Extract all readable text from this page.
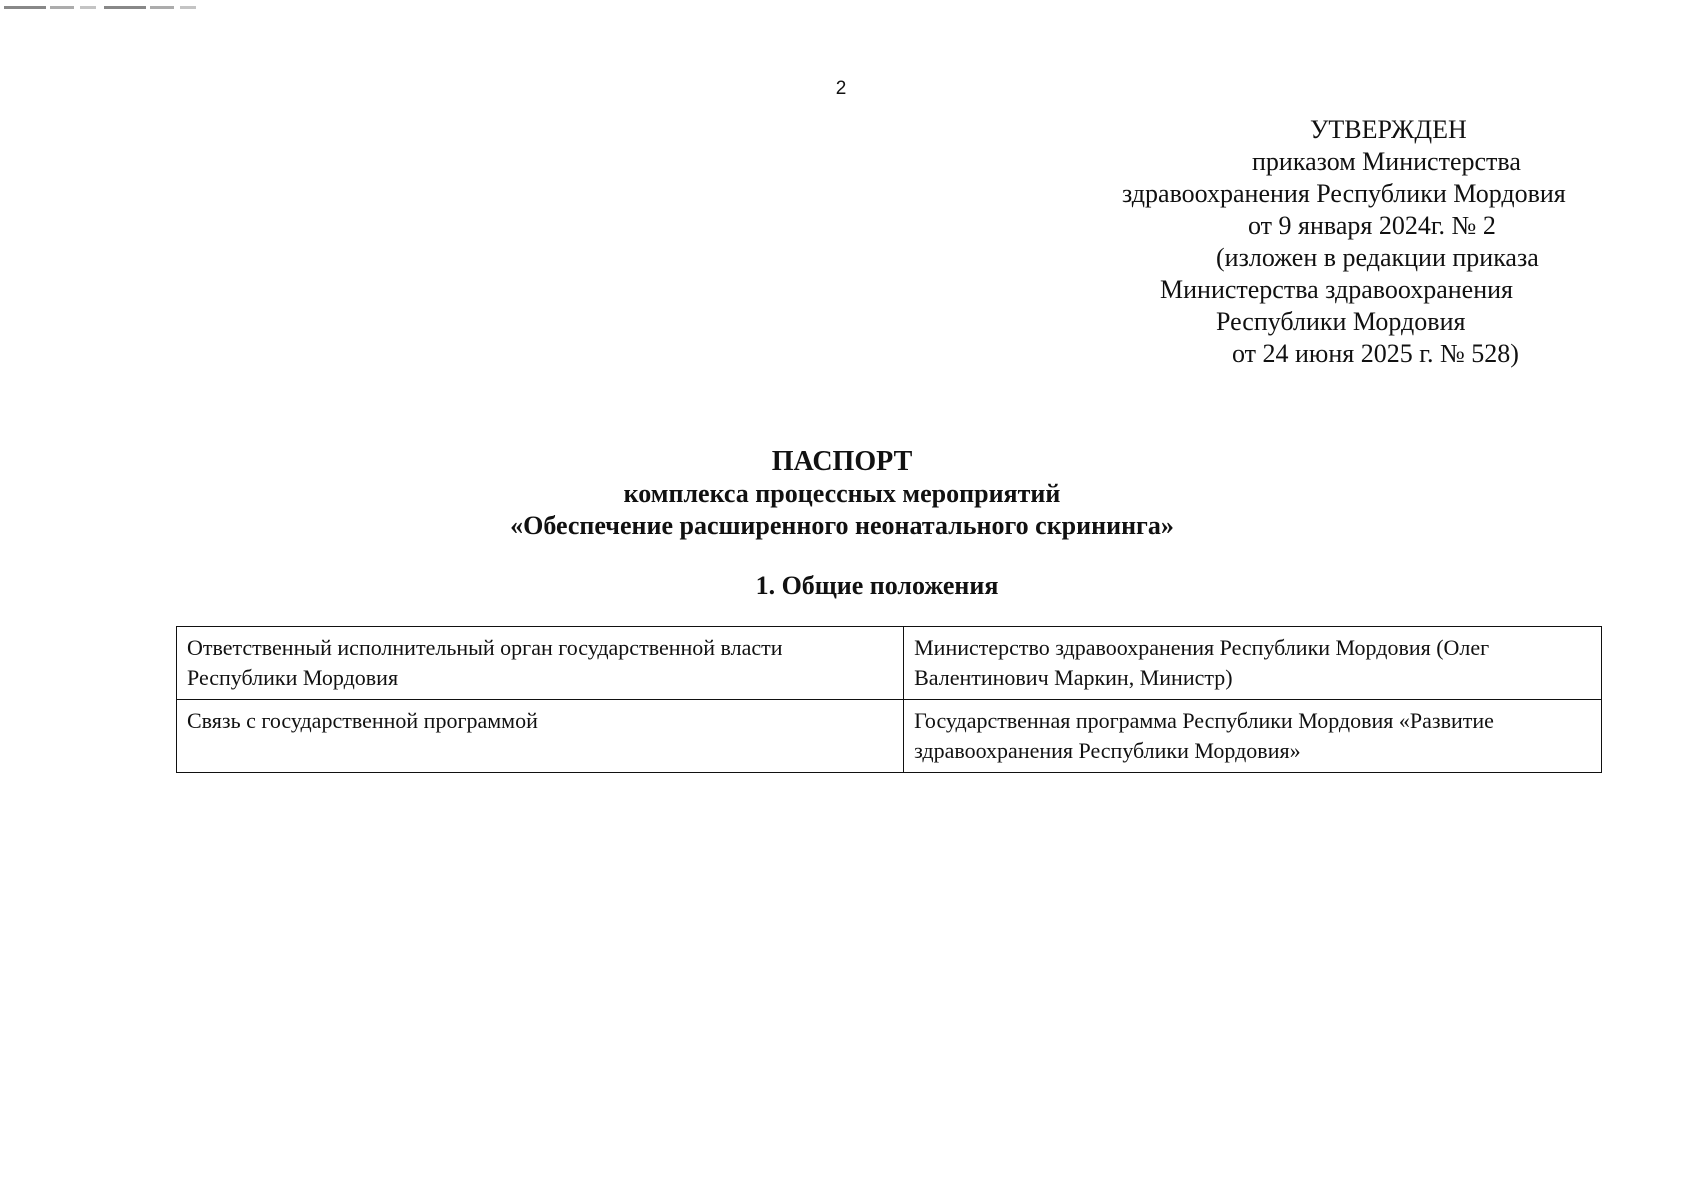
2
УТВЕРЖДЕН
приказом Министерства
здравоохранения Республики Мордовия
от 9 января 2024г. № 2
(изложен в редакции приказа
Министерства здравоохранения
Республики Мордовия
от 24 июня 2025 г. № 528)
ПАСПОРТ
комплекса процессных мероприятий
«Обеспечение расширенного неонатального скрининга»
1. Общие положения
Ответственный исполнительный орган государственной власти Республики Мордовия	Министерство здравоохранения Республики Мордовия (Олег Валентинович Маркин, Министр)
Связь с государственной программой	Государственная программа Республики Мордовия «Развитие здравоохранения Республики Мордовия»
